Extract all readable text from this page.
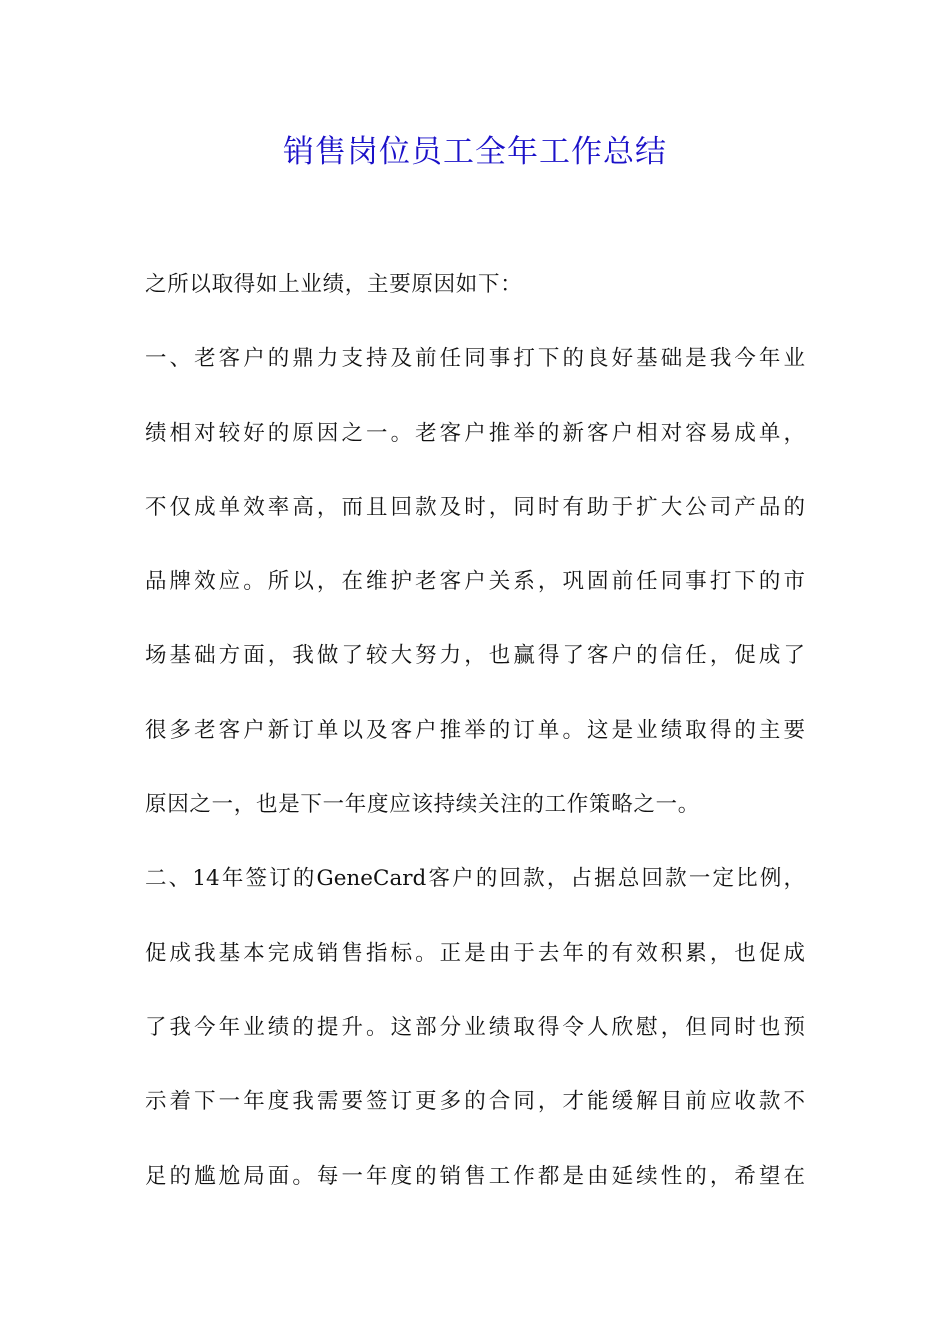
销售岗位员工全年工作总结
之所以取得如上业绩，主要原因如下：
一、老客户的鼎力支持及前任同事打下的良好基础是我今年业
绩相对较好的原因之一。老客户推举的新客户相对容易成单，
不仅成单效率高，而且回款及时，同时有助于扩大公司产品的
品牌效应。所以，在维护老客户关系，巩固前任同事打下的市
场基础方面，我做了较大努力，也赢得了客户的信任，促成了
很多老客户新订单以及客户推举的订单。这是业绩取得的主要
原因之一，也是下一年度应该持续关注的工作策略之一。
二、14年签订的GeneCard客户的回款，占据总回款一定比例，
促成我基本完成销售指标。正是由于去年的有效积累，也促成
了我今年业绩的提升。这部分业绩取得令人欣慰，但同时也预
示着下一年度我需要签订更多的合同，才能缓解目前应收款不
足的尴尬局面。每一年度的销售工作都是由延续性的，希望在
